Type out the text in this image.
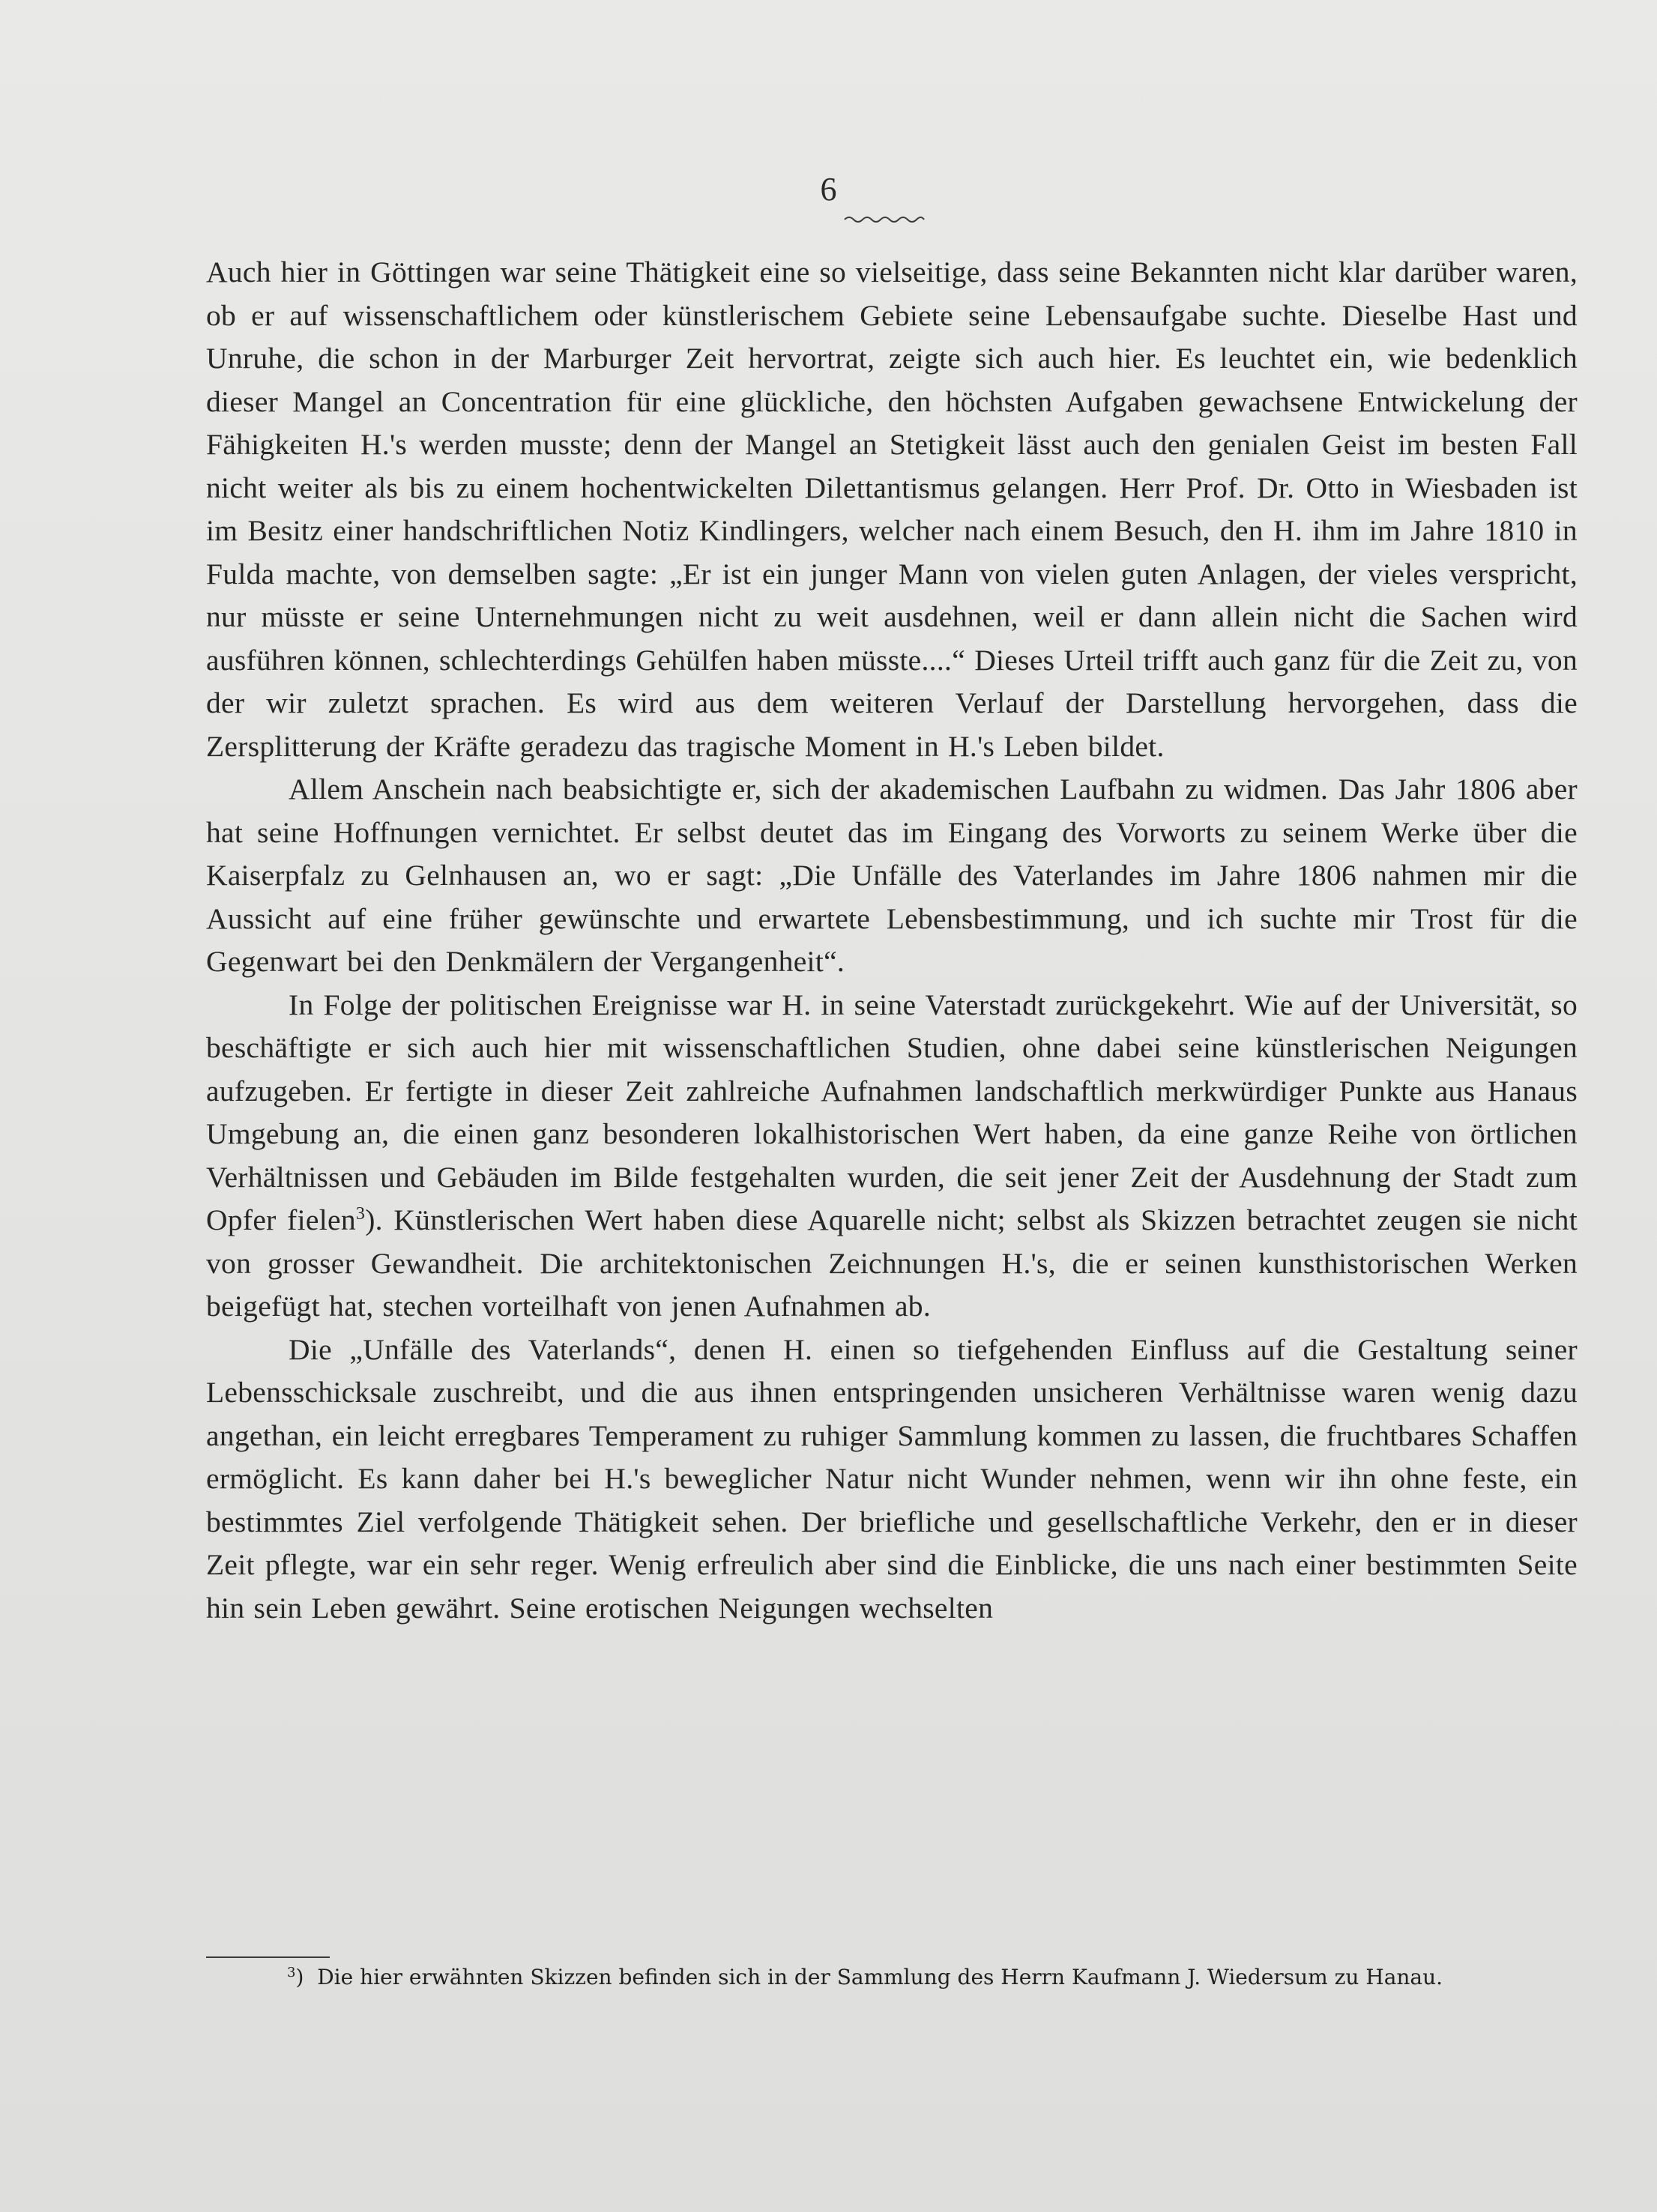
6

Auch hier in Göttingen war seine Thätigkeit eine so vielseitige, dass seine Bekannten nicht klar darüber waren, ob er auf wissenschaftlichem oder künstlerischem Gebiete seine Lebensaufgabe suchte. Dieselbe Hast und Unruhe, die schon in der Marburger Zeit hervortrat, zeigte sich auch hier. Es leuchtet ein, wie bedenklich dieser Mangel an Concentration für eine glückliche, den höchsten Aufgaben gewachsene Entwickelung der Fähigkeiten H.'s werden musste; denn der Mangel an Stetigkeit lässt auch den genialen Geist im besten Fall nicht weiter als bis zu einem hochentwickelten Dilettantismus gelangen. Herr Prof. Dr. Otto in Wiesbaden ist im Besitz einer handschriftlichen Notiz Kindlingers, welcher nach einem Besuch, den H. ihm im Jahre 1810 in Fulda machte, von demselben sagte: „Er ist ein junger Mann von vielen guten Anlagen, der vieles verspricht, nur müsste er seine Unternehmungen nicht zu weit ausdehnen, weil er dann allein nicht die Sachen wird ausführen können, schlechterdings Gehülfen haben müsste....“ Dieses Urteil trifft auch ganz für die Zeit zu, von der wir zuletzt sprachen. Es wird aus dem weiteren Verlauf der Darstellung hervorgehen, dass die Zersplitterung der Kräfte geradezu das tragische Moment in H.'s Leben bildet.

Allem Anschein nach beabsichtigte er, sich der akademischen Laufbahn zu widmen. Das Jahr 1806 aber hat seine Hoffnungen vernichtet. Er selbst deutet das im Eingang des Vorworts zu seinem Werke über die Kaiserpfalz zu Gelnhausen an, wo er sagt: „Die Unfälle des Vaterlandes im Jahre 1806 nahmen mir die Aussicht auf eine früher gewünschte und erwartete Lebensbestimmung, und ich suchte mir Trost für die Gegenwart bei den Denkmälern der Vergangenheit“.

In Folge der politischen Ereignisse war H. in seine Vaterstadt zurückgekehrt. Wie auf der Universität, so beschäftigte er sich auch hier mit wissenschaftlichen Studien, ohne dabei seine künstlerischen Neigungen aufzugeben. Er fertigte in dieser Zeit zahlreiche Aufnahmen landschaftlich merkwürdiger Punkte aus Hanaus Umgebung an, die einen ganz besonderen lokalhistorischen Wert haben, da eine ganze Reihe von örtlichen Verhältnissen und Gebäuden im Bilde festgehalten wurden, die seit jener Zeit der Ausdehnung der Stadt zum Opfer fielen$^3$). Künstlerischen Wert haben diese Aquarelle nicht; selbst als Skizzen betrachtet zeugen sie nicht von grosser Gewandheit. Die architektonischen Zeichnungen H.'s, die er seinen kunsthistorischen Werken beigefügt hat, stechen vorteilhaft von jenen Aufnahmen ab.

Die „Unfälle des Vaterlands“, denen H. einen so tiefgehenden Einfluss auf die Gestaltung seiner Lebensschicksale zuschreibt, und die aus ihnen entspringenden unsicheren Verhältnisse waren wenig dazu angethan, ein leicht erregbares Temperament zu ruhiger Sammlung kommen zu lassen, die fruchtbares Schaffen ermöglicht. Es kann daher bei H.'s beweglicher Natur nicht Wunder nehmen, wenn wir ihn ohne feste, ein bestimmtes Ziel verfolgende Thätigkeit sehen. Der briefliche und gesellschaftliche Verkehr, den er in dieser Zeit pflegte, war ein sehr reger. Wenig erfreulich aber sind die Einblicke, die uns nach einer bestimmten Seite hin sein Leben gewährt. Seine erotischen Neigungen wechselten

$^3$) Die hier erwähnten Skizzen befinden sich in der Sammlung des Herrn Kaufmann J. Wiedersum zu Hanau.
